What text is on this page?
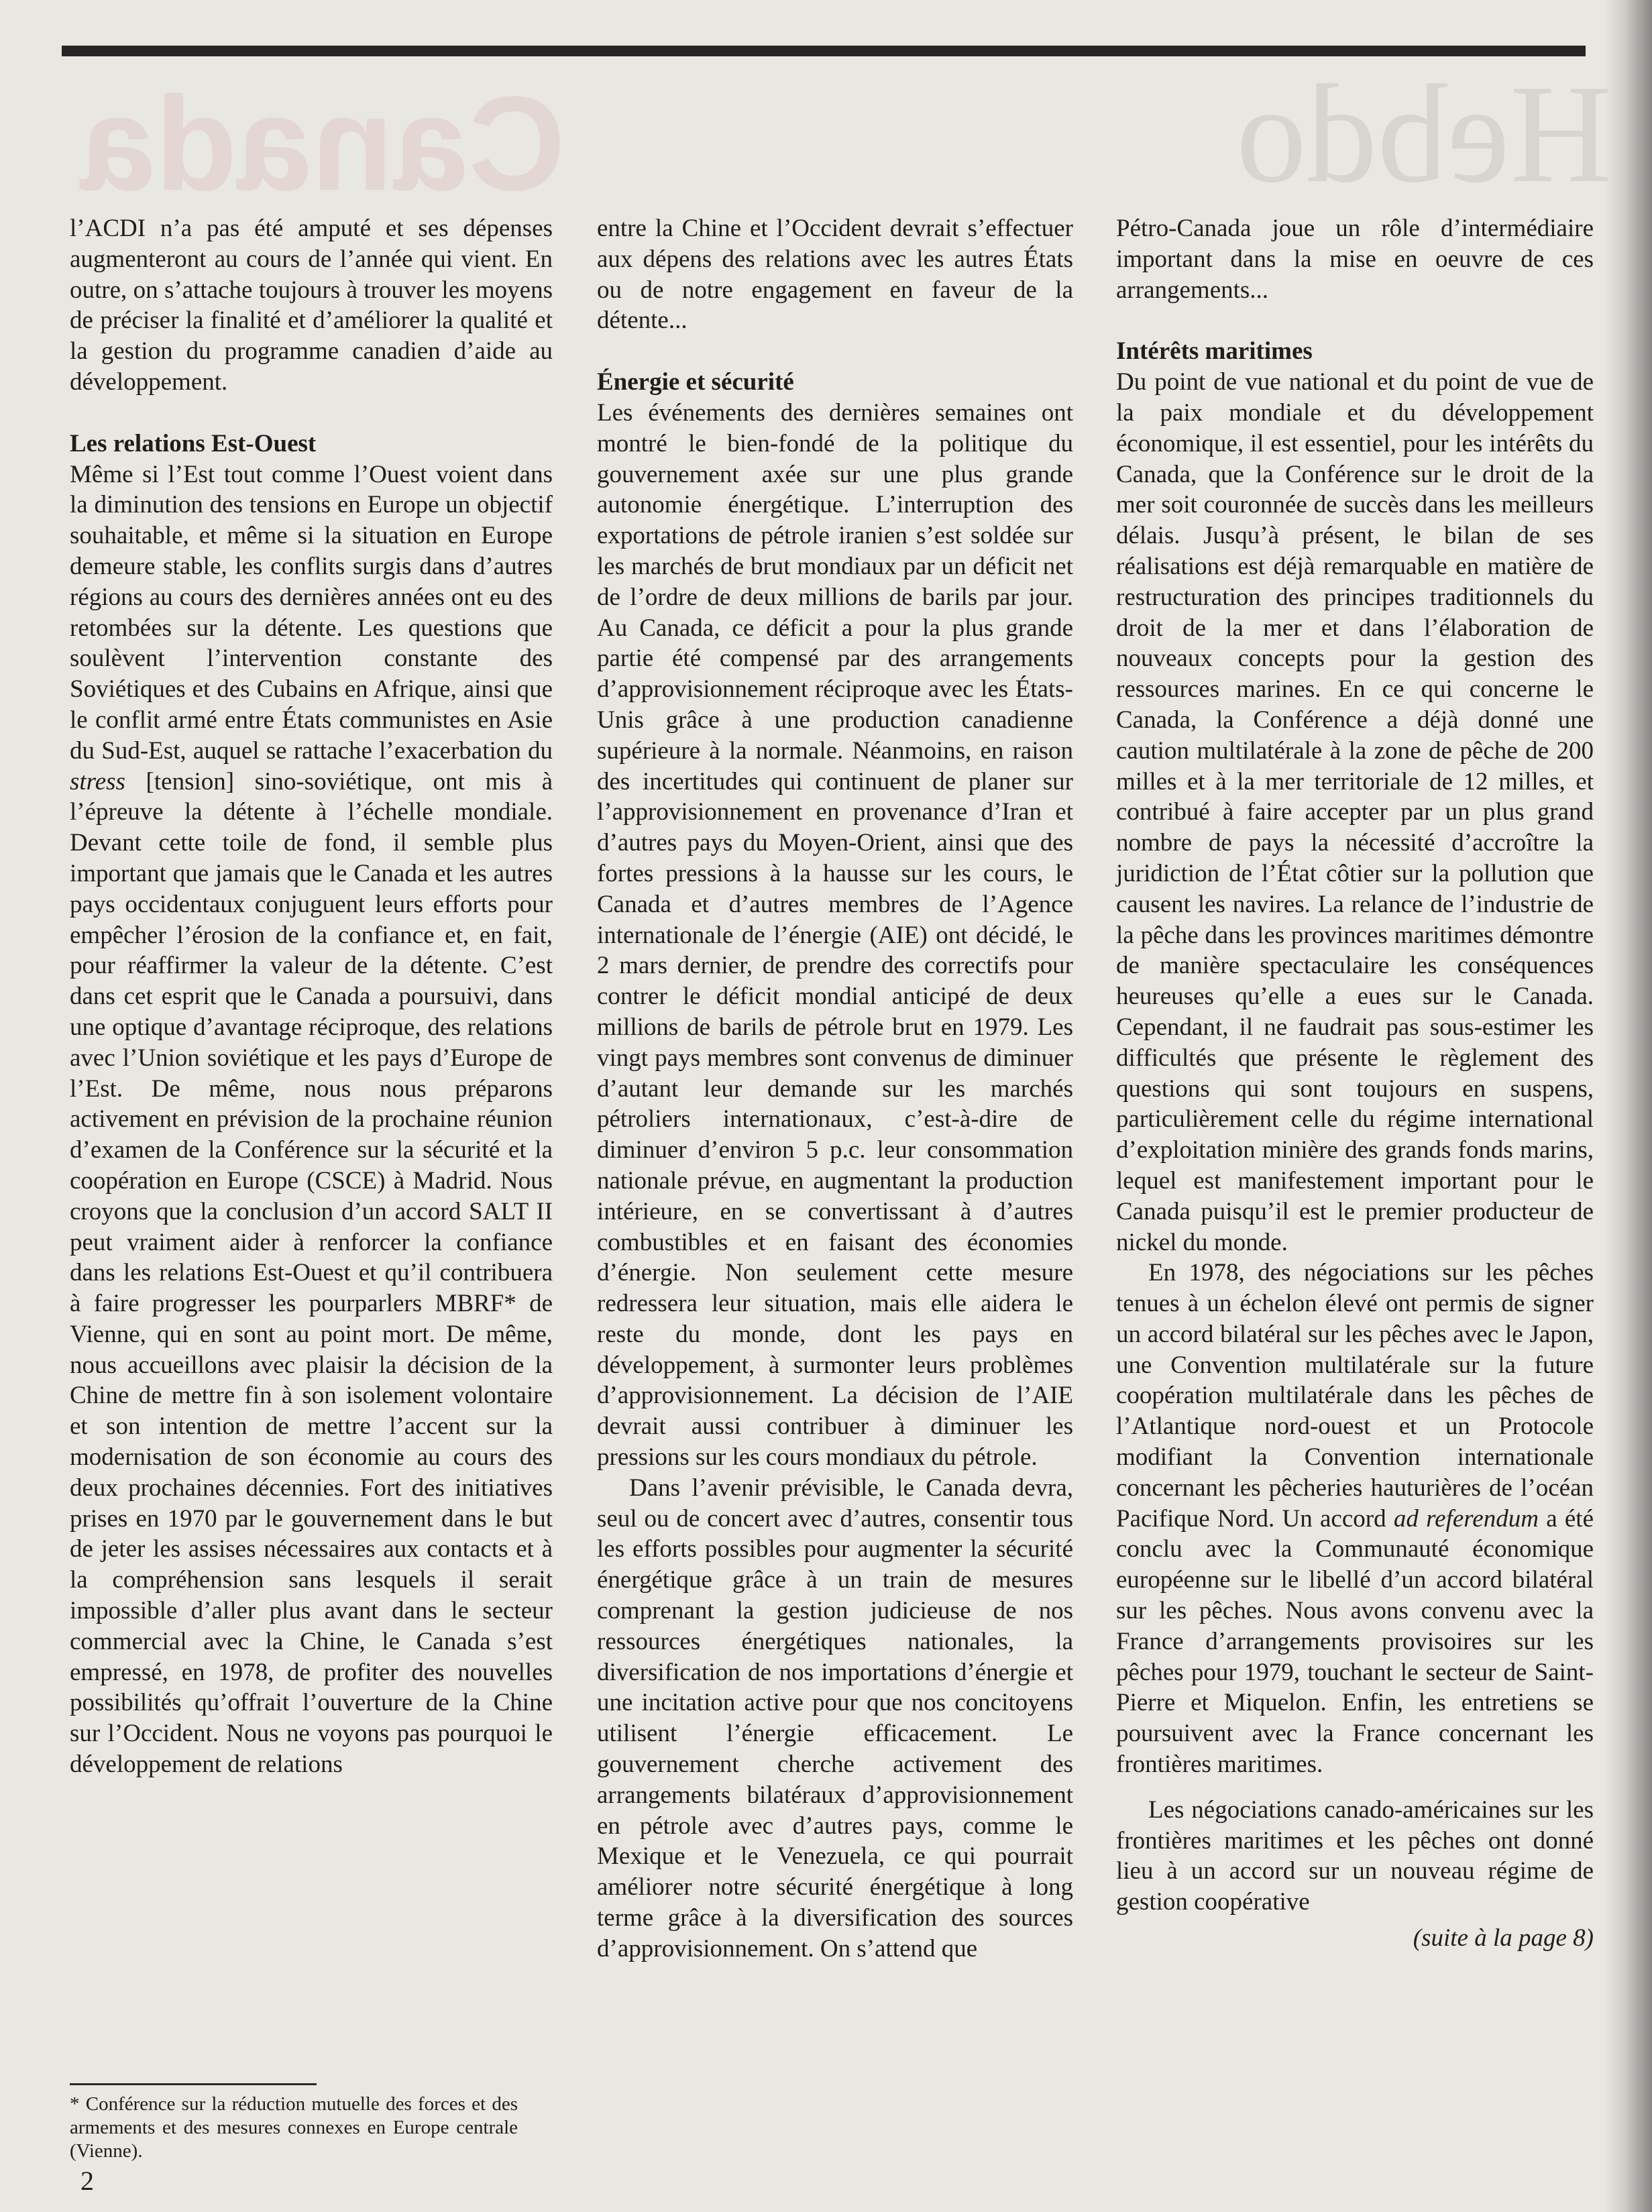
Hebdo
Canada

l’ACDI n’a pas été amputé et ses dépenses augmenteront au cours de l’année qui vient. En outre, on s’attache toujours à trouver les moyens de préciser la finalité et d’améliorer la qualité et la gestion du programme canadien d’aide au développement.

Les relations Est-Ouest

Même si l’Est tout comme l’Ouest voient dans la diminution des tensions en Europe un objectif souhaitable, et même si la situation en Europe demeure stable, les conflits surgis dans d’autres régions au cours des dernières années ont eu des retombées sur la détente. Les questions que soulèvent l’intervention constante des Soviétiques et des Cubains en Afrique, ainsi que le conflit armé entre États communistes en Asie du Sud-Est, auquel se rattache l’exacerbation du stress [tension] sino-soviétique, ont mis à l’épreuve la détente à l’échelle mondiale. Devant cette toile de fond, il semble plus important que jamais que le Canada et les autres pays occidentaux conjuguent leurs efforts pour empêcher l’érosion de la confiance et, en fait, pour réaffirmer la valeur de la détente. C’est dans cet esprit que le Canada a poursuivi, dans une optique d’avantage réciproque, des relations avec l’Union soviétique et les pays d’Europe de l’Est. De même, nous nous préparons activement en prévision de la prochaine réunion d’examen de la Conférence sur la sécurité et la coopération en Europe (CSCE) à Madrid. Nous croyons que la conclusion d’un accord SALT II peut vraiment aider à renforcer la confiance dans les relations Est-Ouest et qu’il contribuera à faire progresser les pourparlers MBRF* de Vienne, qui en sont au point mort. De même, nous accueillons avec plaisir la décision de la Chine de mettre fin à son isolement volontaire et son intention de mettre l’accent sur la modernisation de son économie au cours des deux prochaines décennies. Fort des initiatives prises en 1970 par le gouvernement dans le but de jeter les assises nécessaires aux contacts et à la compréhension sans lesquels il serait impossible d’aller plus avant dans le secteur commercial avec la Chine, le Canada s’est empressé, en 1978, de profiter des nouvelles possibilités qu’offrait l’ouverture de la Chine sur l’Occident. Nous ne voyons pas pourquoi le développement de relations

* Conférence sur la réduction mutuelle des forces et des armements et des mesures connexes en Europe centrale (Vienne).
2

entre la Chine et l’Occident devrait s’effectuer aux dépens des relations avec les autres États ou de notre engagement en faveur de la détente...

Énergie et sécurité

Les événements des dernières semaines ont montré le bien-fondé de la politique du gouvernement axée sur une plus grande autonomie énergétique. L’interruption des exportations de pétrole iranien s’est soldée sur les marchés de brut mondiaux par un déficit net de l’ordre de deux millions de barils par jour. Au Canada, ce déficit a pour la plus grande partie été compensé par des arrangements d’approvisionnement réciproque avec les États-Unis grâce à une production canadienne supérieure à la normale. Néanmoins, en raison des incertitudes qui continuent de planer sur l’approvisionnement en provenance d’Iran et d’autres pays du Moyen-Orient, ainsi que des fortes pressions à la hausse sur les cours, le Canada et d’autres membres de l’Agence internationale de l’énergie (AIE) ont décidé, le 2 mars dernier, de prendre des correctifs pour contrer le déficit mondial anticipé de deux millions de barils de pétrole brut en 1979. Les vingt pays membres sont convenus de diminuer d’autant leur demande sur les marchés pétroliers internationaux, c’est-à-dire de diminuer d’environ 5 p.c. leur consommation nationale prévue, en augmentant la production intérieure, en se convertissant à d’autres combustibles et en faisant des économies d’énergie. Non seulement cette mesure redressera leur situation, mais elle aidera le reste du monde, dont les pays en développement, à surmonter leurs problèmes d’approvisionnement. La décision de l’AIE devrait aussi contribuer à diminuer les pressions sur les cours mondiaux du pétrole.

Dans l’avenir prévisible, le Canada devra, seul ou de concert avec d’autres, consentir tous les efforts possibles pour augmenter la sécurité énergétique grâce à un train de mesures comprenant la gestion judicieuse de nos ressources énergétiques nationales, la diversification de nos importations d’énergie et une incitation active pour que nos concitoyens utilisent l’énergie efficacement. Le gouvernement cherche activement des arrangements bilatéraux d’approvisionnement en pétrole avec d’autres pays, comme le Mexique et le Venezuela, ce qui pourrait améliorer notre sécurité énergétique à long terme grâce à la diversification des sources d’approvisionnement. On s’attend que

Pétro-Canada joue un rôle d’intermédiaire important dans la mise en oeuvre de ces arrangements...

Intérêts maritimes

Du point de vue national et du point de vue de la paix mondiale et du développement économique, il est essentiel, pour les intérêts du Canada, que la Conférence sur le droit de la mer soit couronnée de succès dans les meilleurs délais. Jusqu’à présent, le bilan de ses réalisations est déjà remarquable en matière de restructuration des principes traditionnels du droit de la mer et dans l’élaboration de nouveaux concepts pour la gestion des ressources marines. En ce qui concerne le Canada, la Conférence a déjà donné une caution multilatérale à la zone de pêche de 200 milles et à la mer territoriale de 12 milles, et contribué à faire accepter par un plus grand nombre de pays la nécessité d’accroître la juridiction de l’État côtier sur la pollution que causent les navires. La relance de l’industrie de la pêche dans les provinces maritimes démontre de manière spectaculaire les conséquences heureuses qu’elle a eues sur le Canada. Cependant, il ne faudrait pas sous-estimer les difficultés que présente le règlement des questions qui sont toujours en suspens, particulièrement celle du régime international d’exploitation minière des grands fonds marins, lequel est manifestement important pour le Canada puisqu’il est le premier producteur de nickel du monde.

En 1978, des négociations sur les pêches tenues à un échelon élevé ont permis de signer un accord bilatéral sur les pêches avec le Japon, une Convention multilatérale sur la future coopération multilatérale dans les pêches de l’Atlantique nord-ouest et un Protocole modifiant la Convention internationale concernant les pêcheries hauturières de l’océan Pacifique Nord. Un accord ad referendum a été conclu avec la Communauté économique européenne sur le libellé d’un accord bilatéral sur les pêches. Nous avons convenu avec la France d’arrangements provisoires sur les pêches pour 1979, touchant le secteur de Saint-Pierre et Miquelon. Enfin, les entretiens se poursuivent avec la France concernant les frontières maritimes.

Les négociations canado-américaines sur les frontières maritimes et les pêches ont donné lieu à un accord sur un nouveau régime de gestion coopérative

(suite à la page 8)
